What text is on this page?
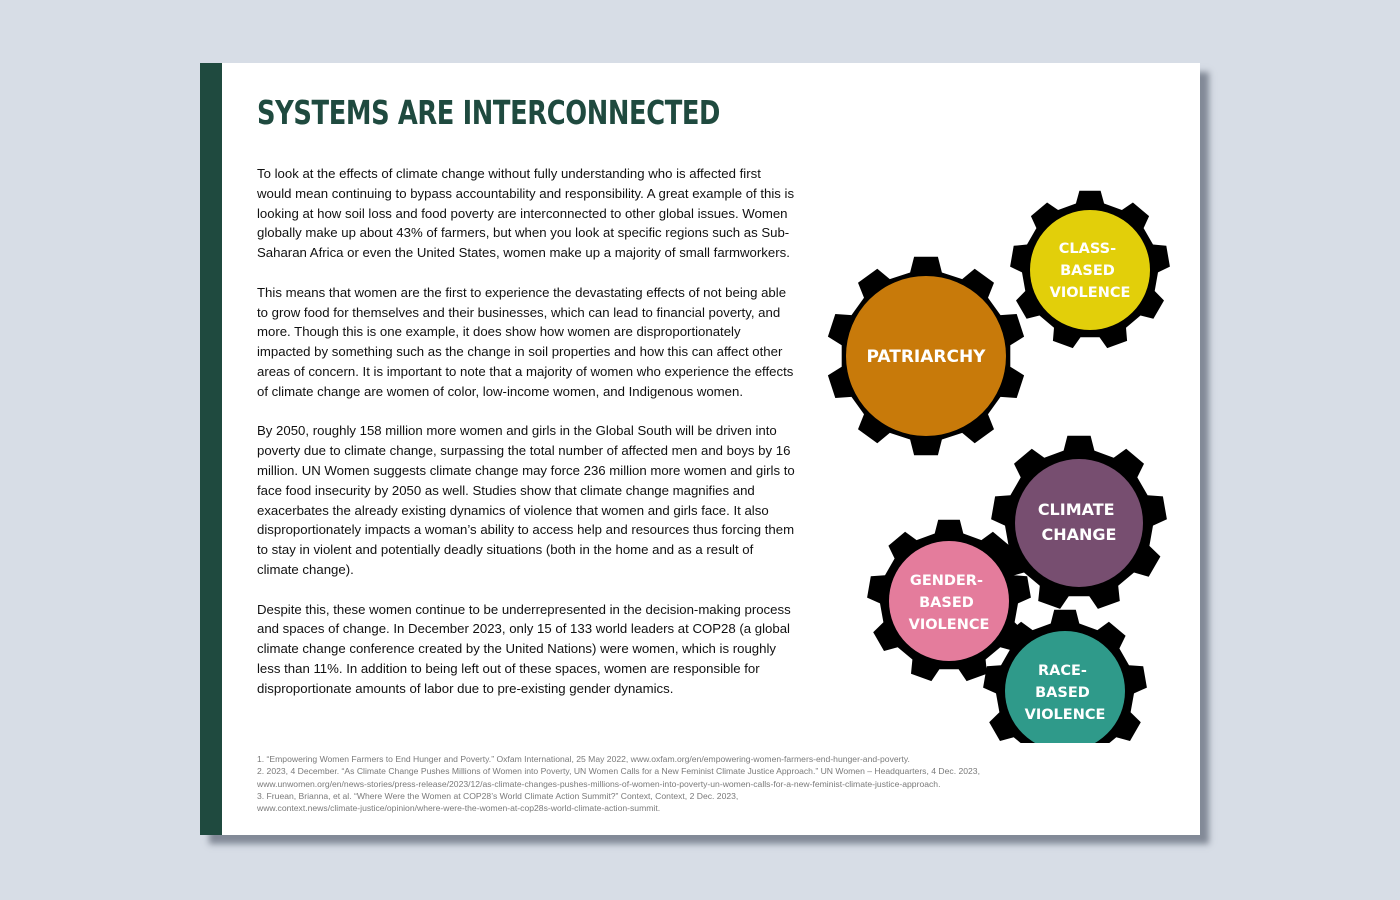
SYSTEMS ARE INTERCONNECTED

To look at the effects of climate change without fully understanding who is affected first would mean continuing to bypass accountability and responsibility. A great example of this is looking at how soil loss and food poverty are interconnected to other global issues. Women globally make up about 43% of farmers, but when you look at specific regions such as Sub-Saharan Africa or even the United States, women make up a majority of small farmworkers.

This means that women are the first to experience the devastating effects of not being able to grow food for themselves and their businesses, which can lead to financial poverty, and more. Though this is one example, it does show how women are disproportionately impacted by something such as the change in soil properties and how this can affect other areas of concern. It is important to note that a majority of women who experience the effects of climate change are women of color, low-income women, and Indigenous women.

By 2050, roughly 158 million more women and girls in the Global South will be driven into poverty due to climate change, surpassing the total number of affected men and boys by 16 million. UN Women suggests climate change may force 236 million more women and girls to face food insecurity by 2050 as well. Studies show that climate change magnifies and exacerbates the already existing dynamics of violence that women and girls face. It also disproportionately impacts a woman’s ability to access help and resources thus forcing them to stay in violent and potentially deadly situations (both in the home and as a result of climate change).

Despite this, these women continue to be underrepresented in the decision-making process and spaces of change. In December 2023, only 15 of 133 world leaders at COP28 (a global climate change conference created by the United Nations) were women, which is roughly less than 11%. In addition to being left out of these spaces, women are responsible for disproportionate amounts of labor due to pre-existing gender dynamics.

PATRIARCHY
CLASS- BASED VIOLENCE
CLIMATE CHANGE
GENDER- BASED VIOLENCE
RACE- BASED VIOLENCE
1. “Empowering Women Farmers to End Hunger and Poverty.” Oxfam International, 25 May 2022, www.oxfam.org/en/empowering-women-farmers-end-hunger-and-poverty.
2. 2023, 4 December. “As Climate Change Pushes Millions of Women into Poverty, UN Women Calls for a New Feminist Climate Justice Approach.” UN Women – Headquarters, 4 Dec. 2023,
www.unwomen.org/en/news-stories/press-release/2023/12/as-climate-changes-pushes-millions-of-women-into-poverty-un-women-calls-for-a-new-feminist-climate-justice-approach.
3. Fruean, Brianna, et al. “Where Were the Women at COP28’s World Climate Action Summit?” Context, Context, 2 Dec. 2023,
www.context.news/climate-justice/opinion/where-were-the-women-at-cop28s-world-climate-action-summit.
